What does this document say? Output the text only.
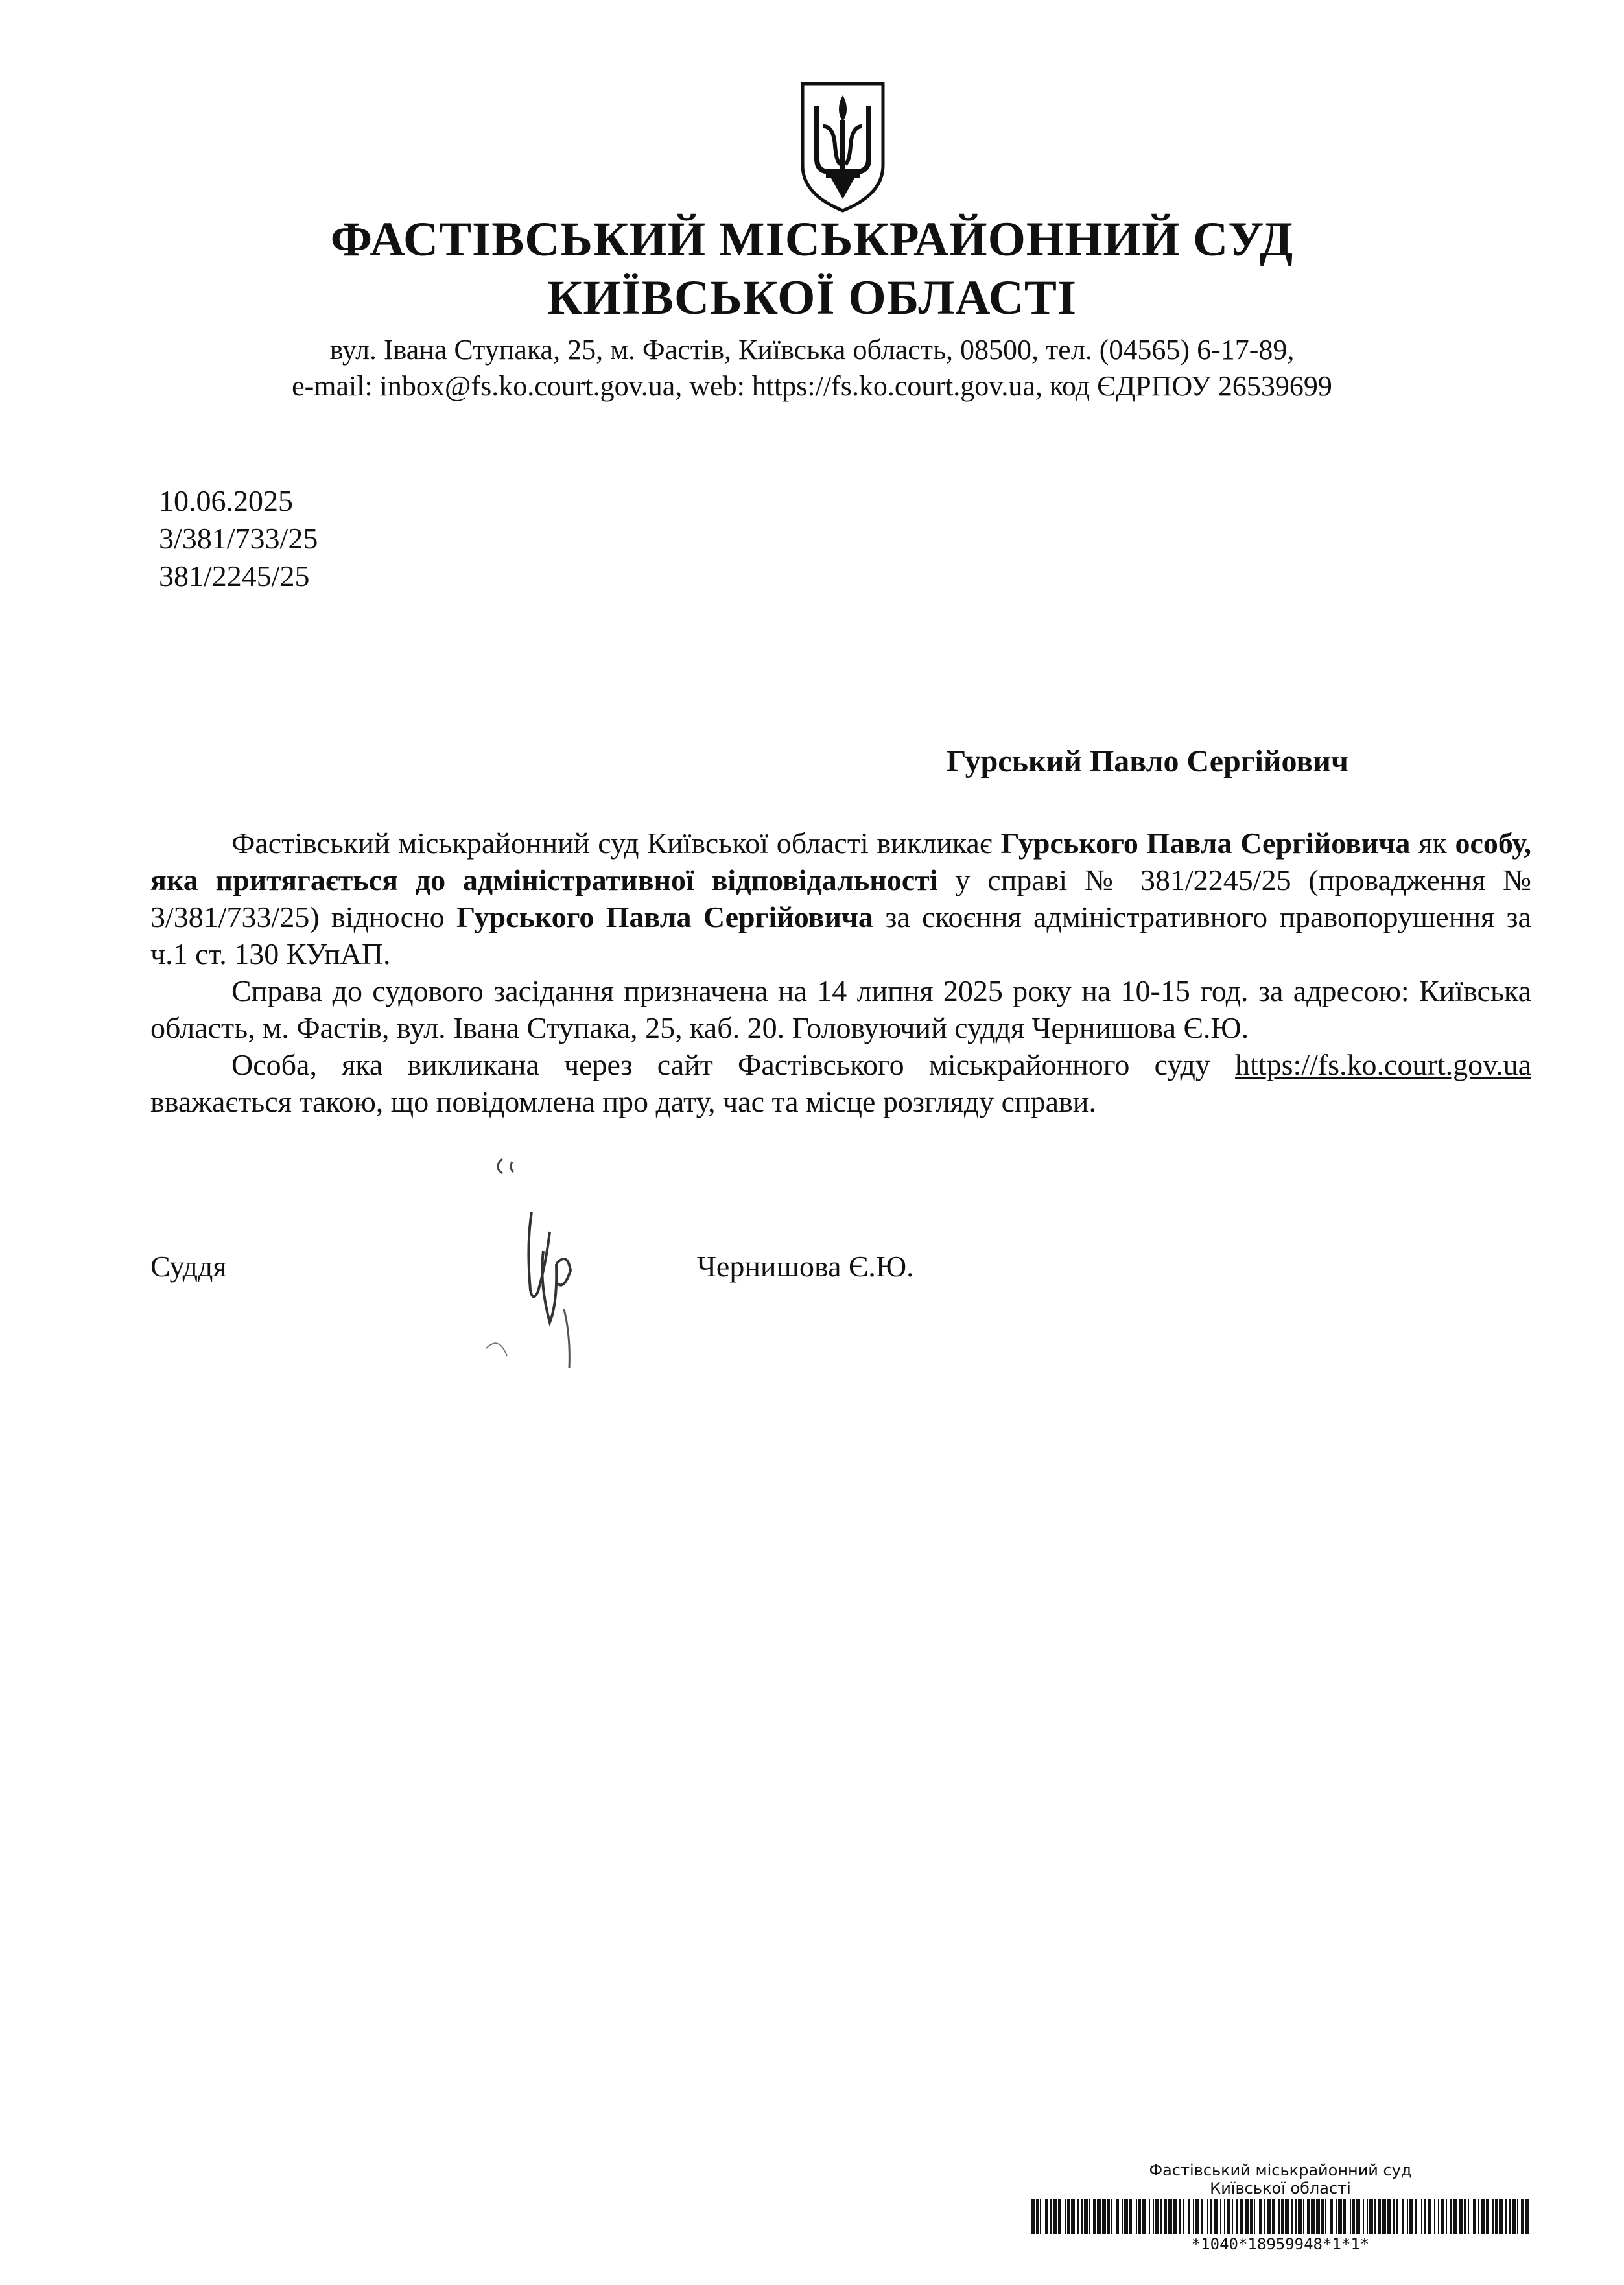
ФАСТІВСЬКИЙ МІСЬКРАЙОННИЙ СУД
КИЇВСЬКОЇ ОБЛАСТІ
вул. Івана Ступака, 25, м. Фастів, Київська область, 08500, тел. (04565) 6-17-89,
e-mail: inbox@fs.ko.court.gov.ua, web: https://fs.ko.court.gov.ua, код ЄДРПОУ 26539699
10.06.2025
3/381/733/25
381/2245/25
Гурський Павло Сергійович

Фастівський міськрайонний суд Київської області викликає Гурського Павла Сергійовича як особу, яка притягається до адміністративної відповідальності у справі № 381/2245/25 (провадження № 3/381/733/25) відносно Гурського Павла Сергійовича за скоєння адміністративного правопорушення за ч.1 ст. 130 КУпАП.

Справа до судового засідання призначена на 14 липня 2025 року на 10-15 год. за адресою: Київська область, м. Фастів, вул. Івана Ступака, 25, каб. 20. Головуючий суддя Чернишова Є.Ю.

Особа, яка викликана через сайт Фастівського міськрайонного суду https://fs.ko.court.gov.ua вважається такою, що повідомлена про дату, час та місце розгляду справи.

Суддя	Чернишова Є.Ю.
Фастівський міськрайонний суд
Київської області
*1040*18959948*1*1*
